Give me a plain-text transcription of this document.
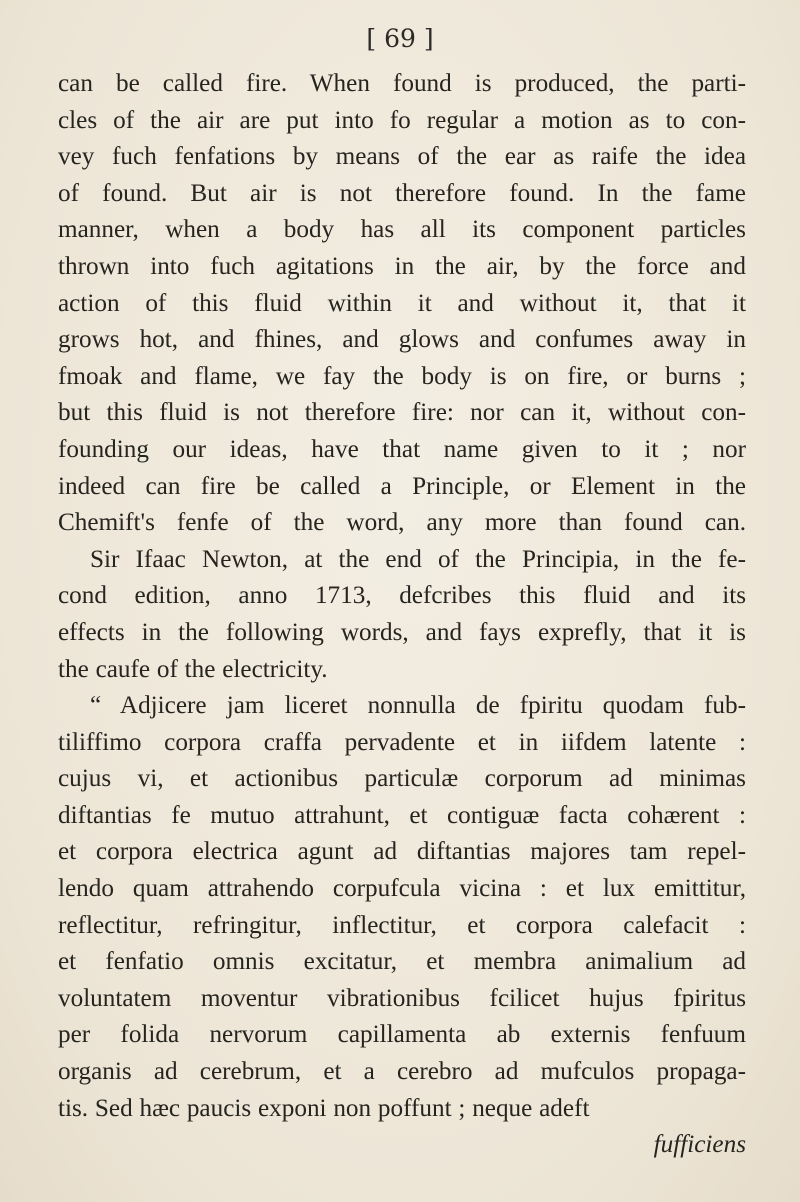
[ 69 ]
can be called fire. When found is produced, the parti-
cles of the air are put into fo regular a motion as to con-
vey fuch fenfations by means of the ear as raife the idea
of found. But air is not therefore found. In the fame
manner, when a body has all its component particles
thrown into fuch agitations in the air, by the force and
action of this fluid within it and without it, that it
grows hot, and fhines, and glows and confumes away in
fmoak and flame, we fay the body is on fire, or burns ;
but this fluid is not therefore fire: nor can it, without con-
founding our ideas, have that name given to it ; nor
indeed can fire be called a Principle, or Element in the
Chemift's fenfe of the word, any more than found can.
Sir Ifaac Newton, at the end of the Principia, in the fe-
cond edition, anno 1713, defcribes this fluid and its
effects in the following words, and fays exprefly, that it is
the caufe of the electricity.
“ Adjicere jam liceret nonnulla de fpiritu quodam fub-
tiliffimo corpora craffa pervadente et in iifdem latente :
cujus vi, et actionibus particulæ corporum ad minimas
diftantias fe mutuo attrahunt, et contiguæ facta cohærent :
et corpora electrica agunt ad diftantias majores tam repel-
lendo quam attrahendo corpufcula vicina : et lux emittitur,
reflectitur, refringitur, inflectitur, et corpora calefacit :
et fenfatio omnis excitatur, et membra animalium ad
voluntatem moventur vibrationibus fcilicet hujus fpiritus
per folida nervorum capillamenta ab externis fenfuum
organis ad cerebrum, et a cerebro ad mufculos propaga-
tis. Sed hæc paucis exponi non poffunt ; neque adeft
fufficiens
